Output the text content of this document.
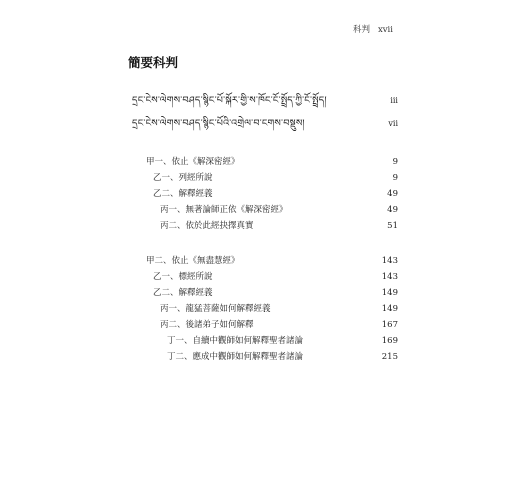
科判 xvii
簡要科判
དྲང་ངེས་ལེགས་བཤད་སྙིང་པོ་སྐོར་གྱི་ས་ཁོང་ངོ་སྤྲོད་ཀྱི་ངོ་སྤྲོད།	iii
དྲང་ངེས་ལེགས་བཤད་སྙིང་པོའི་འགྲེལ་བ་ངགས་བསྡུས།	vii
甲一、依止《解深密經》	9
乙一、列經所說	9
乙二、解釋經義	49
丙一、無著論師正依《解深密經》	49
丙二、依於此經抉擇真實	51
甲二、依止《無盡慧經》	143
乙一、標經所說	143
乙二、解釋經義	149
丙一、龍猛菩薩如何解釋經義	149
丙二、後諸弟子如何解釋	167
丁一、自續中觀師如何解釋聖者諸論	169
丁二、應成中觀師如何解釋聖者諸論	215
